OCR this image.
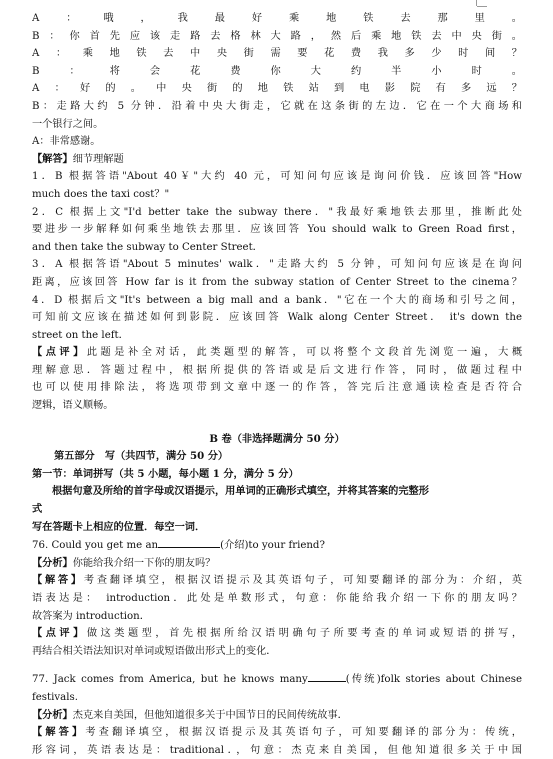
A：哦，我最好乘地铁去那里。
B：你首先应该走路去格林大路，然后乘地铁去中央街。
A：乘地铁去中央街需要花费我多少时间？
B：将会花费你大约半小时。
A：好的。中央街的地铁站到电影院有多远？
B：走路大约 5 分钟．沿着中央大街走，它就在这条街的左边．它在一个大商场和
一个银行之间。
A：非常感谢。
【解答】细节理解题
1．B 根据答语"About 40￥"大约 40 元，可知问句应该是询问价钱．应该回答"How
much does the taxi cost？"
2．C 根据上文"I'd better take the subway there．"我最好乘地铁去那里，推断此处
要进步一步解释如何乘坐地铁去那里．应该回答 You should walk to Green Road first，
and then take the subway to Center Street．
3．A 根据答语"About 5 minutes' walk．"走路大约 5 分钟，可知问句应该是在询问
距离，应该回答 How far is it from the subway station of Center Street to the cinema？
4．D 根据后文"It's between a big mall and a bank．"它在一个大的商场和引号之间，
可知前文应该在描述如何到影院．应该回答 Walk along Center Street． it's down the
street on the left．
【点评】此题是补全对话，此类题型的解答，可以将整个文段首先浏览一遍，大概
理解意思．答题过程中，根据所提供的答语或是后文进行作答，同时，做题过程中
也可以使用排除法，将选项带到文章中逐一的作答，答完后注意通读检查是否符合
逻辑，语义顺畅。
B 卷（非选择题满分 50 分）
第五部分　写（共四节，满分 50 分）
第一节：单词拼写（共 5 小题，每小题 1 分，满分 5 分）
根据句意及所给的首字母或汉语提示，用单词的正确形式填空，并将其答案的完整形
式
写在答题卡上相应的位置．每空一词．
76. Could you get me an	(介绍)to your friend?
【分析】你能给我介绍一下你的朋友吗？
【解答】考查翻译填空，根据汉语提示及其英语句子，可知要翻译的部分为：介绍，英
语表达是： introduction．此处是单数形式，句意：你能给我介绍一下你的朋友吗？
故答案为 introduction．
【点评】做这类题型，首先根据所给汉语明确句子所要考查的单词或短语的拼写，
再结合相关语法知识对单词或短语做出形式上的变化．
77. Jack comes from America, but he knows many	(传统)folk stories about Chinese
festivals.
【分析】杰克来自美国，但他知道很多关于中国节日的民间传统故事．
【解答】考查翻译填空，根据汉语提示及其英语句子，可知要翻译的部分为：传统，
形容词，英语表达是：traditional．，句意：杰克来自美国，但他知道很多关于中国
